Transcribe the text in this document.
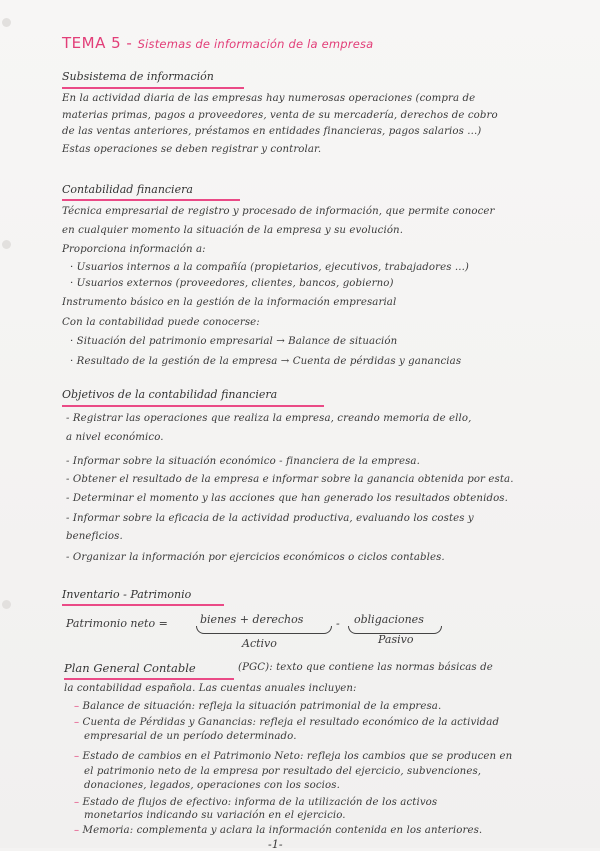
TEMA 5 - Sistemas de información de la empresa
Subsistema de información
En la actividad diaria de las empresas hay numerosas operaciones (compra de
materias primas, pagos a proveedores, venta de su mercadería, derechos de cobro
de las ventas anteriores, préstamos en entidades financieras, pagos salarios ...)
Estas operaciones se deben registrar y controlar.
Contabilidad financiera
Técnica empresarial de registro y procesado de información, que permite conocer
en cualquier momento la situación de la empresa y su evolución.
Proporciona información a:
· Usuarios internos a la compañía (propietarios, ejecutivos, trabajadores ...)
· Usuarios externos (proveedores, clientes, bancos, gobierno)
Instrumento básico en la gestión de la información empresarial
Con la contabilidad puede conocerse:
· Situación del patrimonio empresarial → Balance de situación
· Resultado de la gestión de la empresa → Cuenta de pérdidas y ganancias
Objetivos de la contabilidad financiera
- Registrar las operaciones que realiza la empresa, creando memoria de ello,
a nivel económico.
- Informar sobre la situación económico - financiera de la empresa.
- Obtener el resultado de la empresa e informar sobre la ganancia obtenida por esta.
- Determinar el momento y las acciones que han generado los resultados obtenidos.
- Informar sobre la eficacia de la actividad productiva, evaluando los costes y
beneficios.
- Organizar la información por ejercicios económicos o ciclos contables.
Inventario - Patrimonio
Patrimonio neto =	bienes + derechos	- obligaciones
Activo	Pasivo
Plan General Contable	(PGC): texto que contiene las normas básicas de
la contabilidad española. Las cuentas anuales incluyen:
– Balance de situación: refleja la situación patrimonial de la empresa.
– Cuenta de Pérdidas y Ganancias: refleja el resultado económico de la actividad
empresarial de un período determinado.
– Estado de cambios en el Patrimonio Neto: refleja los cambios que se producen en
el patrimonio neto de la empresa por resultado del ejercicio, subvenciones,
donaciones, legados, operaciones con los socios.
– Estado de flujos de efectivo: informa de la utilización de los activos
monetarios indicando su variación en el ejercicio.
– Memoria: complementa y aclara la información contenida en los anteriores.
-1-
